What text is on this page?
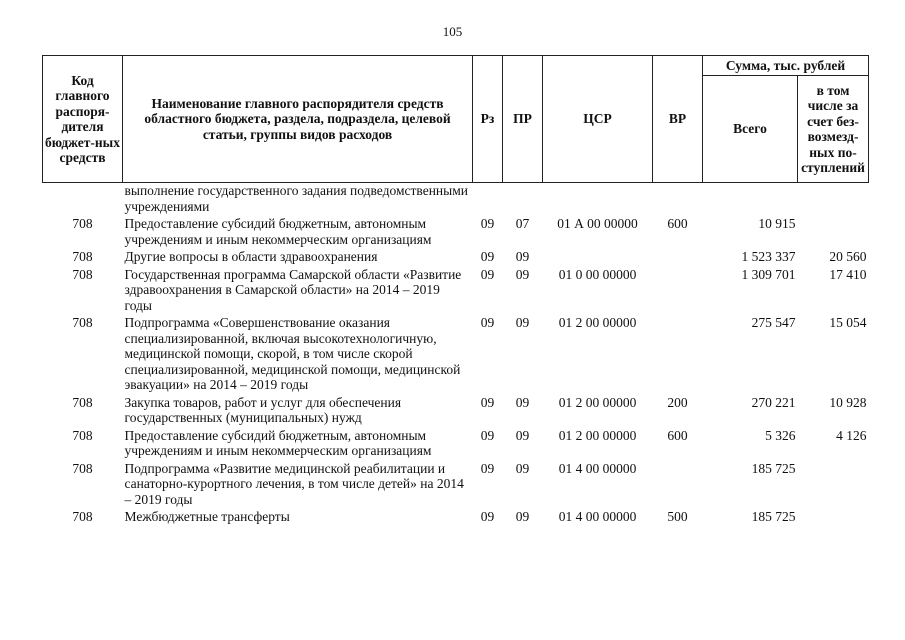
105
Код главного распоря-дителя бюджет-ных средств	Наименование главного распорядителя средств областного бюджета, раздела, подраздела, целевой статьи, группы видов расходов	Рз	ПР	ЦСР	ВР	Сумма, тыс. рублей	
						Всего	в том числе за счет без-возмезд-ных по-ступлений
	выполнение государственного задания подведомственными учреждениями						
708	Предоставление субсидий бюджетным, автономным учреждениям и иным некоммерческим организациям	09	07	01 А 00 00000	600	10 915	
708	Другие вопросы в области здравоохранения	09	09			1 523 337	20 560
708	Государственная программа Самарской области «Развитие здравоохранения в Самарской области» на 2014 – 2019 годы	09	09	01 0 00 00000		1 309 701	17 410
708	Подпрограмма «Совершенствование оказания специализированной, включая высокотехнологичную, медицинской помощи, скорой, в том числе скорой специализированной, медицинской помощи, медицинской эвакуации» на 2014 – 2019 годы	09	09	01 2 00 00000		275 547	15 054
708	Закупка товаров, работ и услуг для обеспечения государственных (муниципальных) нужд	09	09	01 2 00 00000	200	270 221	10 928
708	Предоставление субсидий бюджетным, автономным учреждениям и иным некоммерческим организациям	09	09	01 2 00 00000	600	5 326	4 126
708	Подпрограмма «Развитие медицинской реабилитации и санаторно-курортного лечения, в том числе детей» на 2014 – 2019 годы	09	09	01 4 00 00000		185 725	
708	Межбюджетные трансферты	09	09	01 4 00 00000	500	185 725	
